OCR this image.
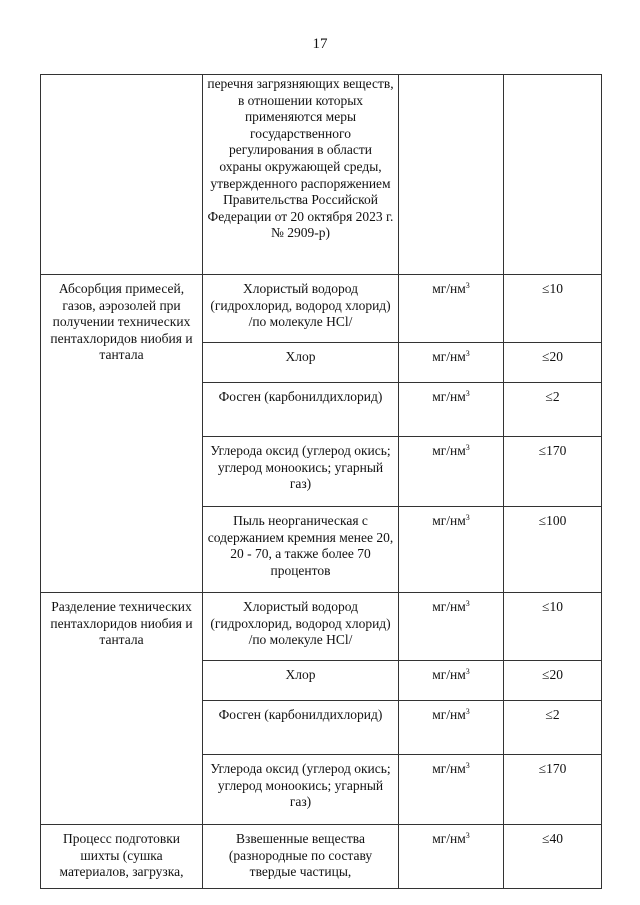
17
	перечня загрязняющих веществ, в отношении которых применяются меры государственного регулирования в области охраны окружающей среды, утвержденного распоряжением Правительства Российской Федерации от 20 октября 2023 г. № 2909-р)		
Абсорбция примесей, газов, аэрозолей при получении технических пентахлоридов ниобия и тантала	Хлористый водород (гидрохлорид, водород хлорид) /по молекуле HCl/	$мг/нм^3$	≤10
	Хлор	$мг/нм^3$	≤20
	Фосген (карбонилдихлорид)	$мг/нм^3$	≤2
	Углерода оксид (углерод окись; углерод моноокись; угарный газ)	$мг/нм^3$	≤170
	Пыль неорганическая с содержанием кремния менее 20, 20 - 70, а также более 70 процентов	$мг/нм^3$	≤100
Разделение технических пентахлоридов ниобия и тантала	Хлористый водород (гидрохлорид, водород хлорид) /по молекуле HCl/	$мг/нм^3$	≤10
	Хлор	$мг/нм^3$	≤20
	Фосген (карбонилдихлорид)	$мг/нм^3$	≤2
	Углерода оксид (углерод окись; углерод моноокись; угарный газ)	$мг/нм^3$	≤170
Процесс подготовки шихты (сушка материалов, загрузка,	Взвешенные вещества (разнородные по составу твердые частицы,	$мг/нм^3$	≤40
